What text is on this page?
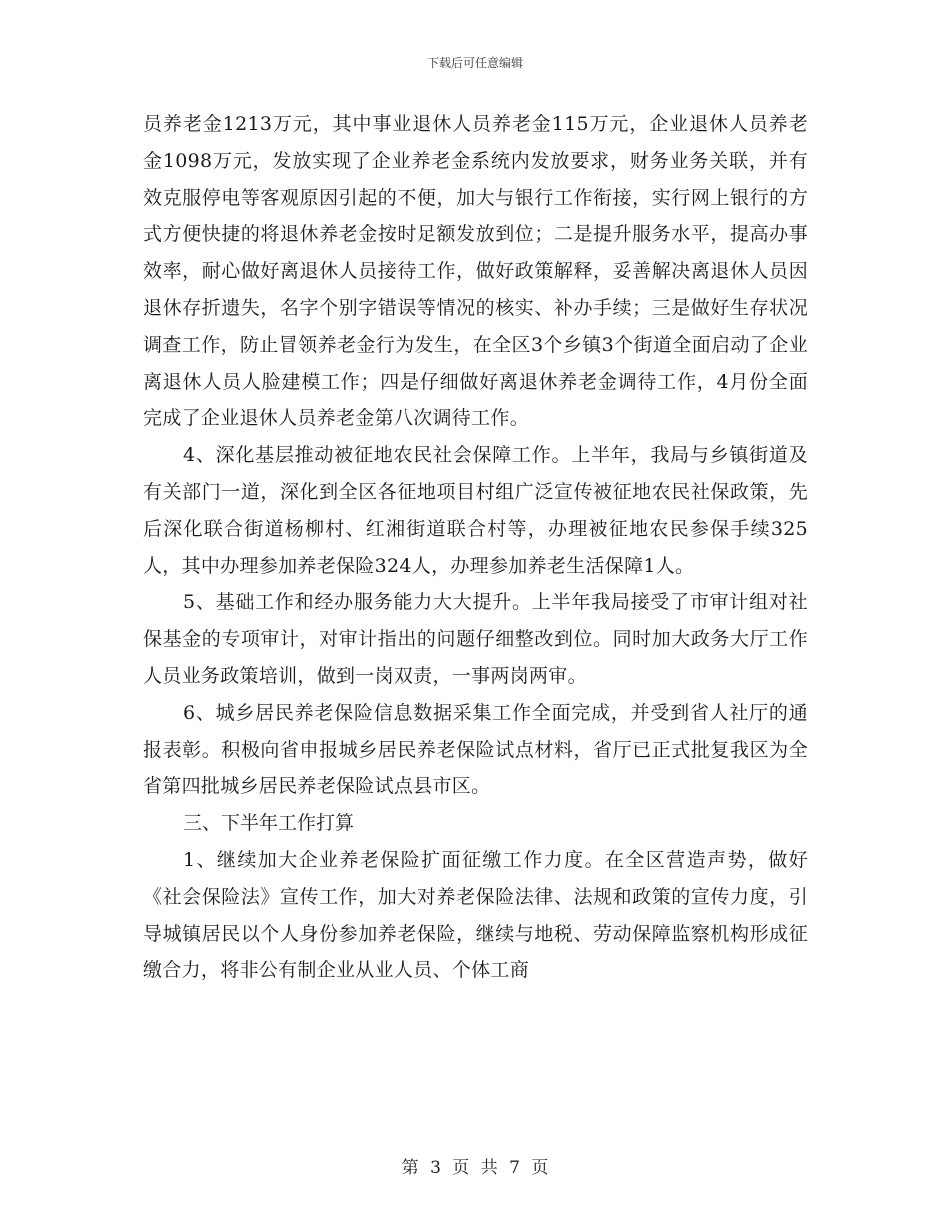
下载后可任意编辑

员养老金1213万元，其中事业退休人员养老金115万元，企业退休人员养老金1098万元，发放实现了企业养老金系统内发放要求，财务业务关联，并有效克服停电等客观原因引起的不便，加大与银行工作衔接，实行网上银行的方式方便快捷的将退休养老金按时足额发放到位；二是提升服务水平，提高办事效率，耐心做好离退休人员接待工作，做好政策解释，妥善解决离退休人员因退休存折遗失，名字个别字错误等情况的核实、补办手续；三是做好生存状况调查工作，防止冒领养老金行为发生，在全区3个乡镇3个街道全面启动了企业离退休人员人脸建模工作；四是仔细做好离退休养老金调待工作，4月份全面完成了企业退休人员养老金第八次调待工作。

4、深化基层推动被征地农民社会保障工作。上半年，我局与乡镇街道及有关部门一道，深化到全区各征地项目村组广泛宣传被征地农民社保政策，先后深化联合街道杨柳村、红湘街道联合村等，办理被征地农民参保手续325人，其中办理参加养老保险324人，办理参加养老生活保障1人。

5、基础工作和经办服务能力大大提升。上半年我局接受了市审计组对社保基金的专项审计，对审计指出的问题仔细整改到位。同时加大政务大厅工作人员业务政策培训，做到一岗双责，一事两岗两审。

6、城乡居民养老保险信息数据采集工作全面完成，并受到省人社厅的通报表彰。积极向省申报城乡居民养老保险试点材料，省厅已正式批复我区为全省第四批城乡居民养老保险试点县市区。

三、下半年工作打算

1、继续加大企业养老保险扩面征缴工作力度。在全区营造声势，做好《社会保险法》宣传工作，加大对养老保险法律、法规和政策的宣传力度，引导城镇居民以个人身份参加养老保险，继续与地税、劳动保障监察机构形成征缴合力，将非公有制企业从业人员、个体工商

第 3 页 共 7 页
